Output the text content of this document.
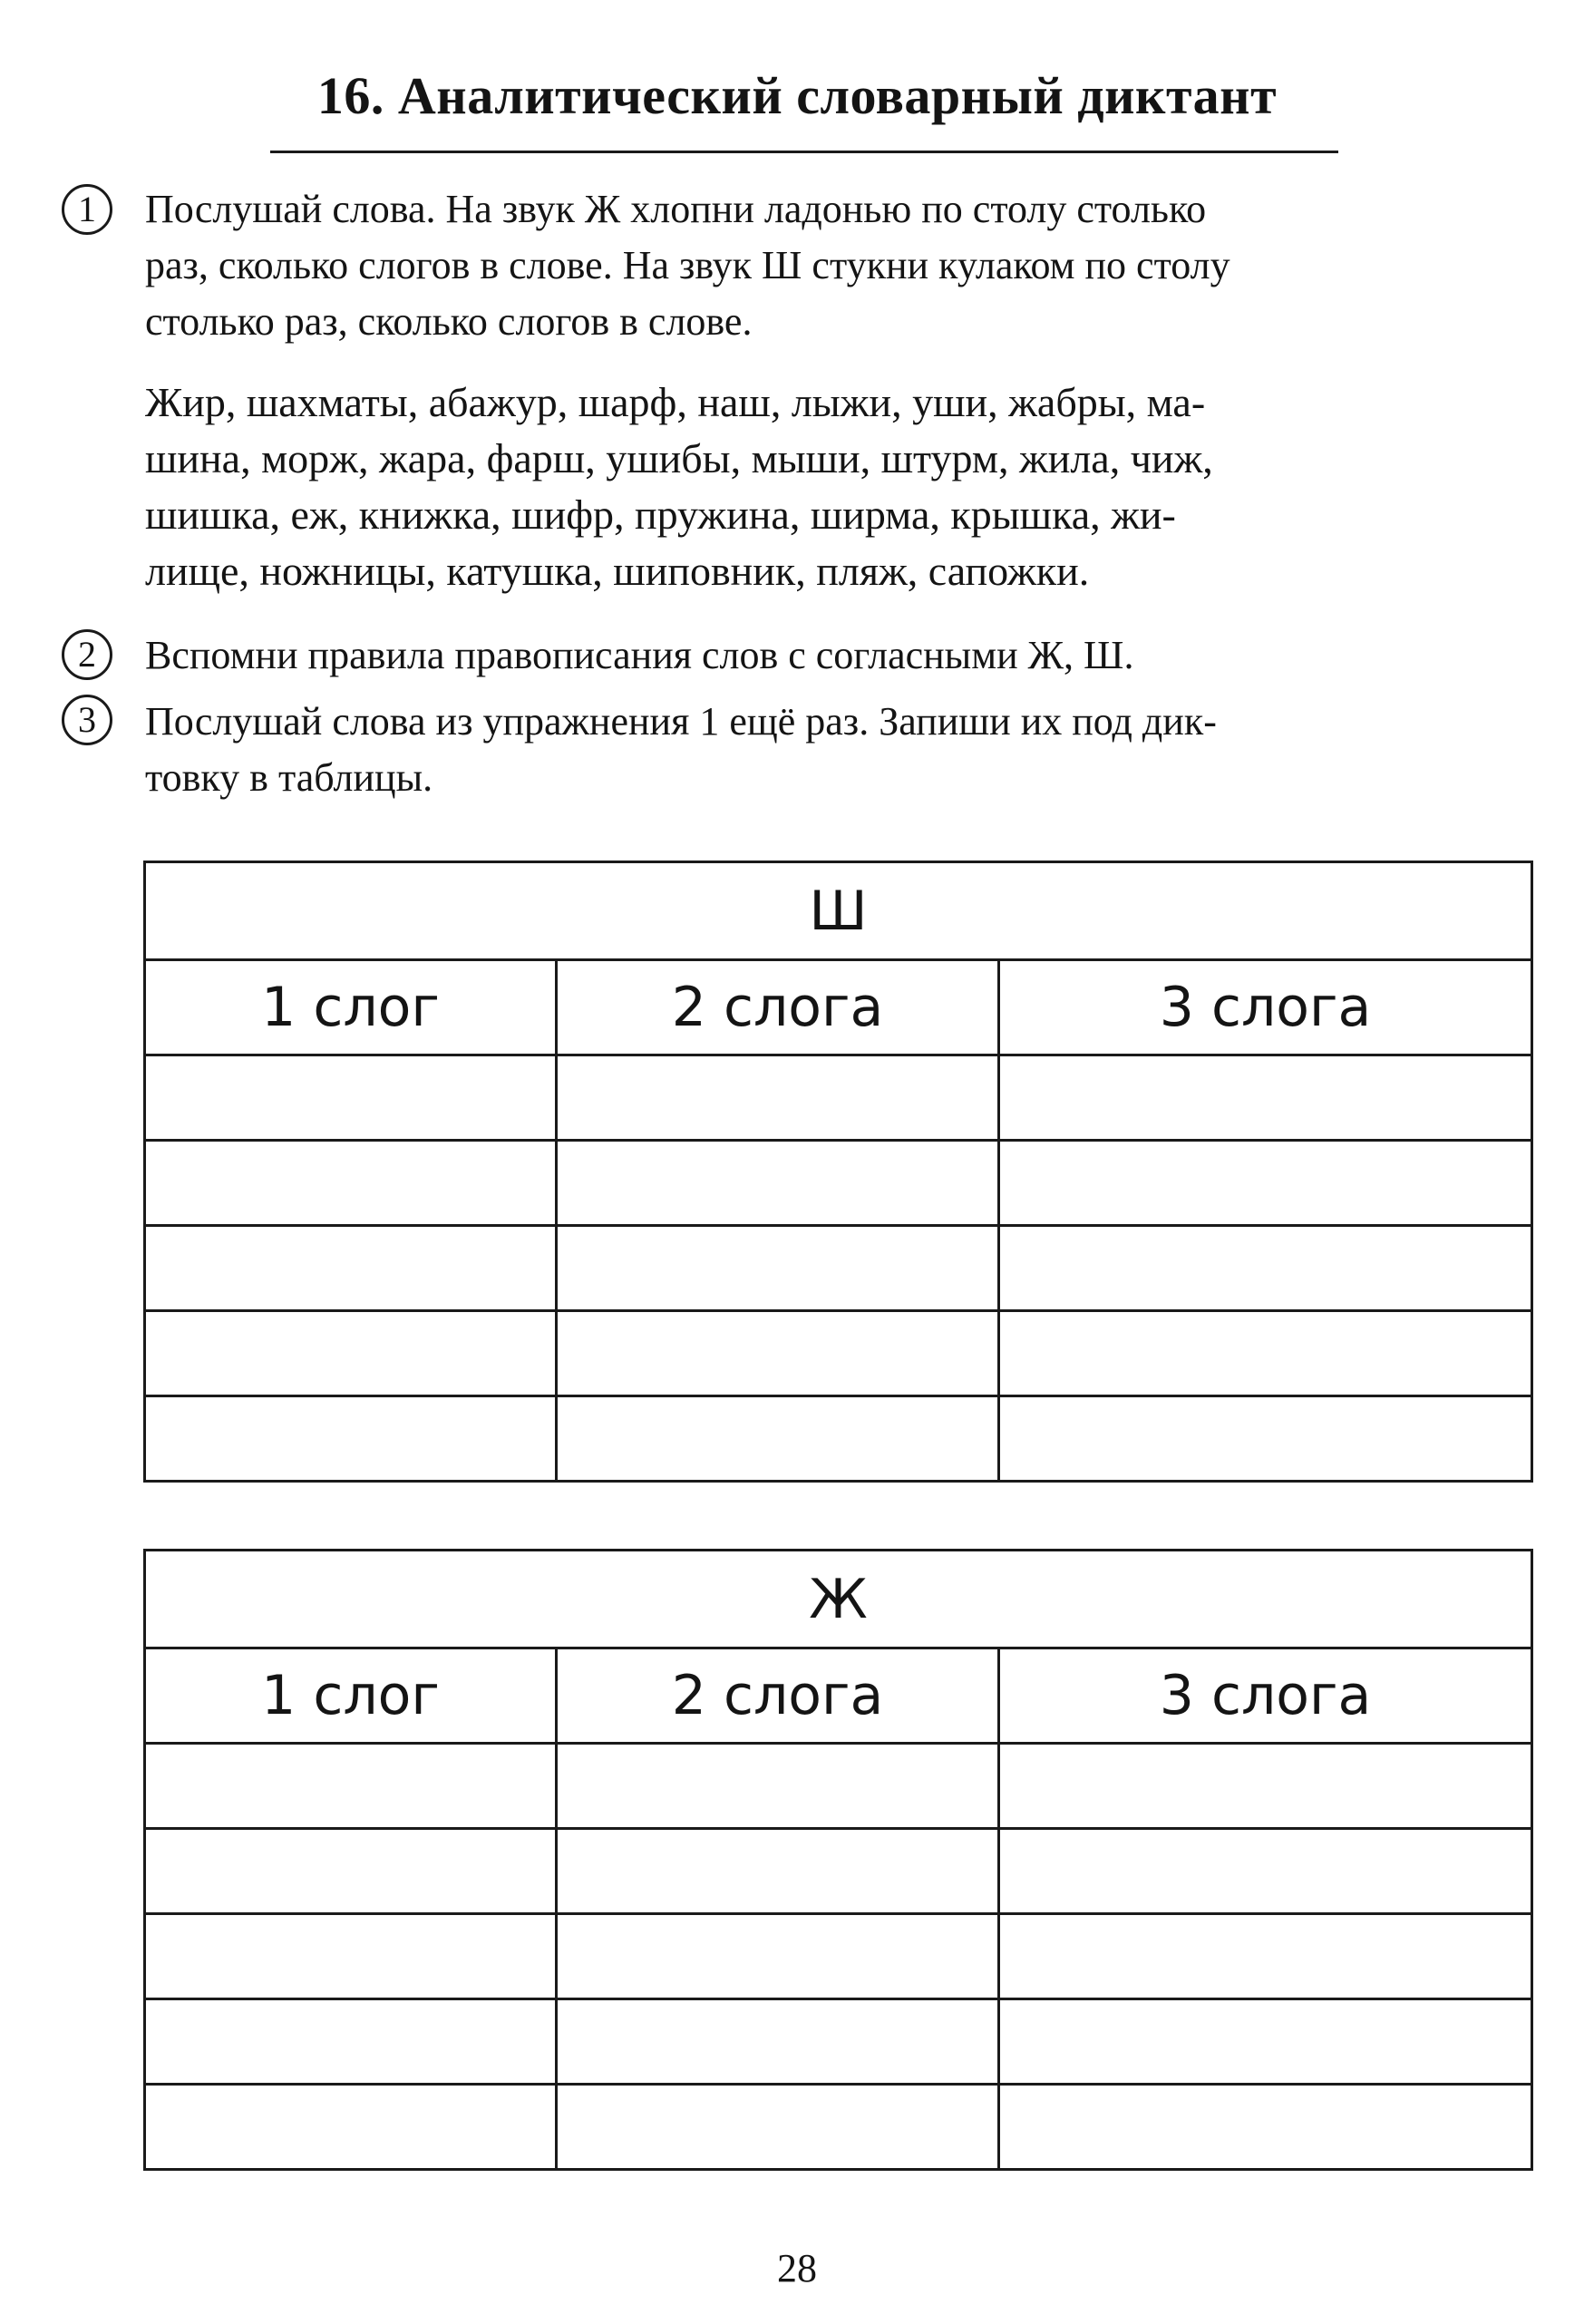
16. Аналитический словарный диктант
1	Послушай слова. На звук Ж хлопни ладонью по столу столько
раз, сколько слогов в слове. На звук Ш стукни кулаком по столу
столько раз, сколько слогов в слове.
Жир, шахматы, абажур, шарф, наш, лыжи, уши, жабры, ма-
шина, морж, жара, фарш, ушибы, мыши, штурм, жила, чиж,
шишка, еж, книжка, шифр, пружина, ширма, крышка, жи-
лище, ножницы, катушка, шиповник, пляж, сапожки.
2	Вспомни правила правописания слов с согласными Ж, Ш.
3	Послушай слова из упражнения 1 ещё раз. Запиши их под дик-
товку в таблицы.
Ш		
1 слог	2 слога	3 слога

Ж		
1 слог	2 слога	3 слога

28
